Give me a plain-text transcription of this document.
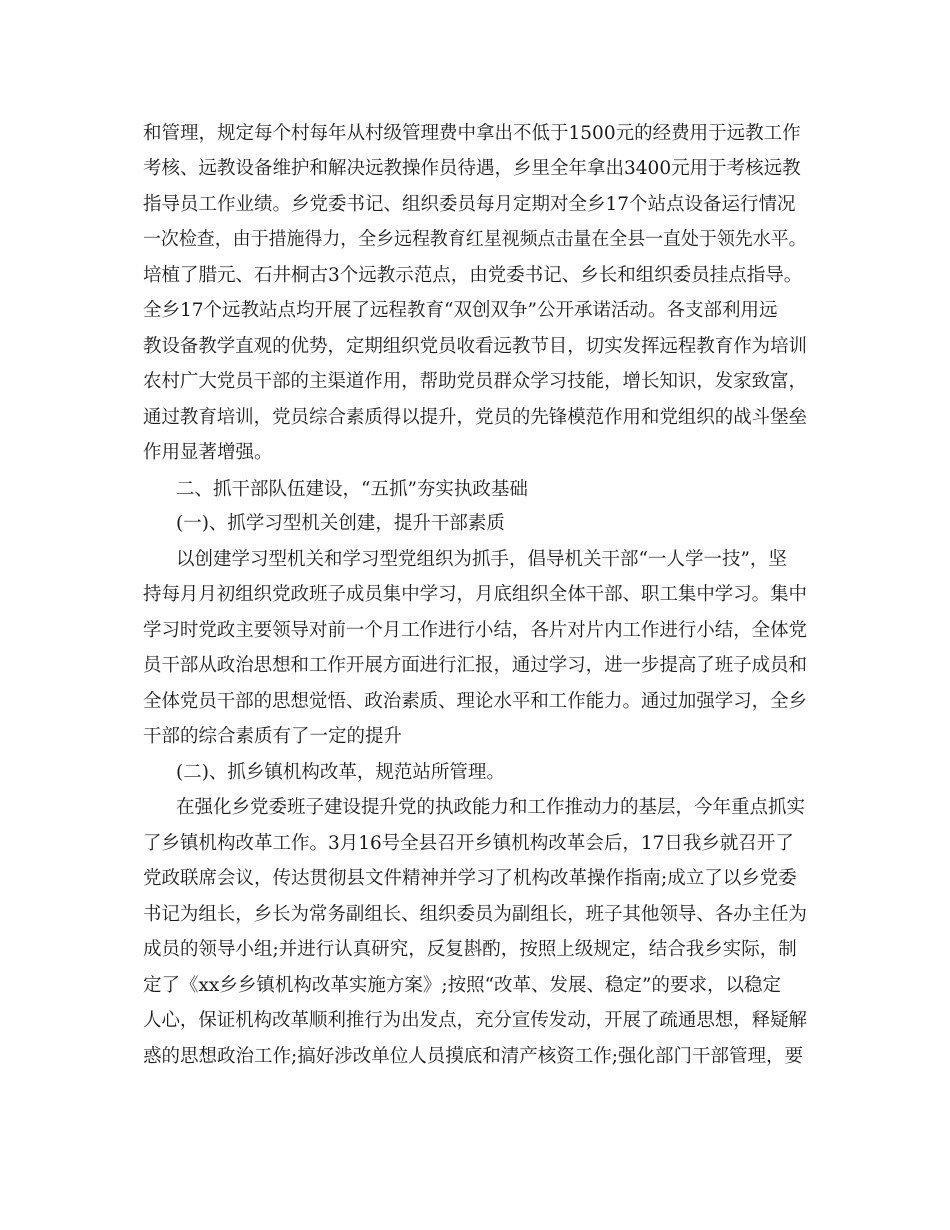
和管理，规定每个村每年从村级管理费中拿出不低于1500元的经费用于远教工作
考核、远教设备维护和解决远教操作员待遇，乡里全年拿出3400元用于考核远教
指导员工作业绩。乡党委书记、组织委员每月定期对全乡17个站点设备运行情况
一次检查，由于措施得力，全乡远程教育红星视频点击量在全县一直处于领先水平。
培植了腊元、石井桐古3个远教示范点，由党委书记、乡长和组织委员挂点指导。
全乡17个远教站点均开展了远程教育“双创双争”公开承诺活动。各支部利用远
教设备教学直观的优势，定期组织党员收看远教节目，切实发挥远程教育作为培训
农村广大党员干部的主渠道作用，帮助党员群众学习技能，增长知识，发家致富，
通过教育培训，党员综合素质得以提升，党员的先锋模范作用和党组织的战斗堡垒
作用显著增强。
二、抓干部队伍建设，“五抓”夯实执政基础
(一)、抓学习型机关创建，提升干部素质
以创建学习型机关和学习型党组织为抓手，倡导机关干部“一人学一技”，坚
持每月月初组织党政班子成员集中学习，月底组织全体干部、职工集中学习。集中
学习时党政主要领导对前一个月工作进行小结，各片对片内工作进行小结，全体党
员干部从政治思想和工作开展方面进行汇报，通过学习，进一步提高了班子成员和
全体党员干部的思想觉悟、政治素质、理论水平和工作能力。通过加强学习，全乡
干部的综合素质有了一定的提升
(二)、抓乡镇机构改革，规范站所管理。
在强化乡党委班子建设提升党的执政能力和工作推动力的基层，今年重点抓实
了乡镇机构改革工作。3月16号全县召开乡镇机构改革会后，17日我乡就召开了
党政联席会议，传达贯彻县文件精神并学习了机构改革操作指南;成立了以乡党委
书记为组长，乡长为常务副组长、组织委员为副组长，班子其他领导、各办主任为
成员的领导小组;并进行认真研究，反复斟酌，按照上级规定，结合我乡实际，制
定了《xx乡乡镇机构改革实施方案》;按照“改革、发展、稳定”的要求，以稳定
人心，保证机构改革顺利推行为出发点，充分宣传发动，开展了疏通思想，释疑解
惑的思想政治工作;搞好涉改单位人员摸底和清产核资工作;强化部门干部管理，要
